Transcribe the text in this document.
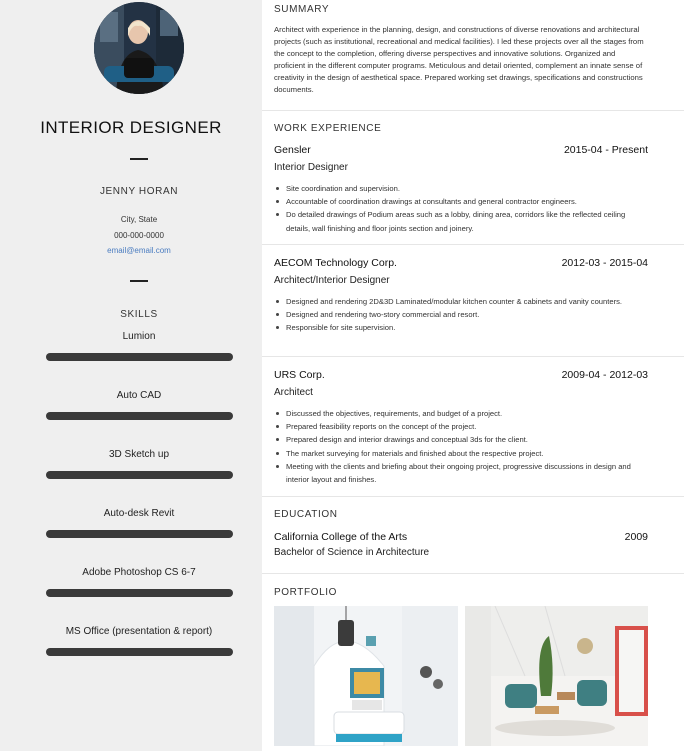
INTERIOR DESIGNER
JENNY HORAN
City, State
000-000-0000
email@email.com
SKILLS
Lumion
Auto CAD
3D Sketch up
Auto-desk Revit
Adobe Photoshop CS 6-7
MS Office (presentation & report)
SUMMARY
Architect with experience in the planning, design, and constructions of diverse renovations and architectural projects (such as institutional, recreational and medical facilities). I led these projects over all the stages from the concept to the completion, offering diverse perspectives and innovative solutions. Organized and proficient in the different computer programs. Meticulous and detail oriented, complement an innate sense of creativity in the design of aesthetical space. Prepared working set drawings, specifications and constructions documents.
WORK EXPERIENCE
Gensler	2015-04 - Present
Interior Designer
Site coordination and supervision.
Accountable of coordination drawings at consultants and general contractor engineers.
Do detailed drawings of Podium areas such as a lobby, dining area, corridors like the reflected ceiling details, wall finishing and floor joints section and joinery.
AECOM Technology Corp.	2012-03 - 2015-04
Architect/Interior Designer
Designed and rendering 2D&3D Laminated/modular kitchen counter & cabinets and vanity counters.
Designed and rendering two-story commercial and resort.
Responsible for site supervision.
URS Corp.	2009-04 - 2012-03
Architect
Discussed the objectives, requirements, and budget of a project.
Prepared feasibility reports on the concept of the project.
Prepared design and interior drawings and conceptual 3ds for the client.
The market surveying for materials and finished about the respective project.
Meeting with the clients and briefing about their ongoing project, progressive discussions in design and interior layout and finishes.
EDUCATION
California College of the Arts	2009
Bachelor of Science in Architecture
PORTFOLIO
